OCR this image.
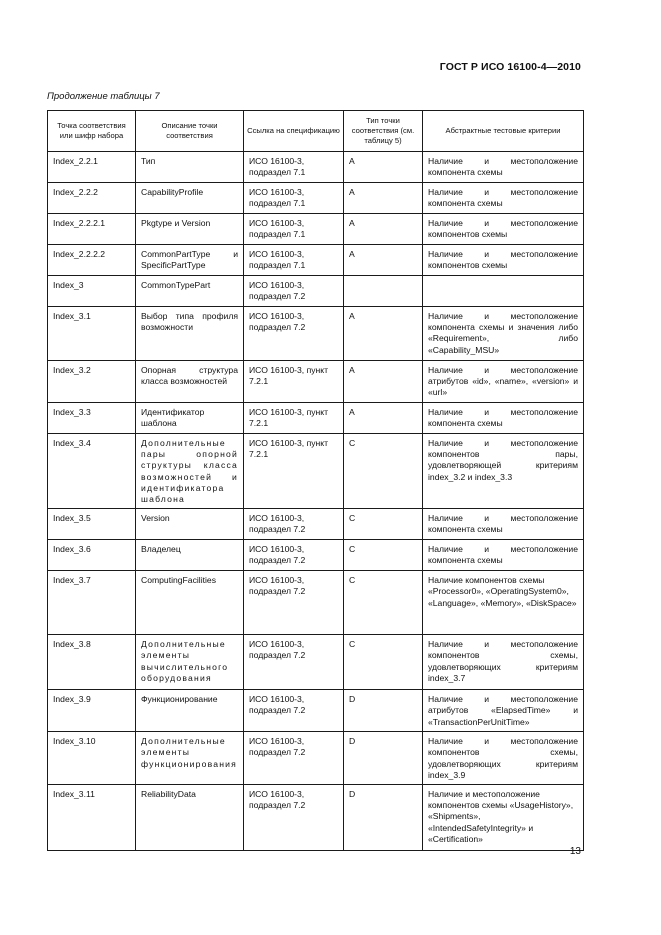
ГОСТ Р ИСО 16100-4—2010
Продолжение таблицы 7
Точка соответствия или шифр набора	Описание точки соответствия	Ссылка на спецификацию	Тип точки соответствия (см. таблицу 5)	Абстрактные тестовые критерии
Index_2.2.1	Тип	ИСО 16100-3, подраздел 7.1	A	Наличие и местоположение компонента схемы
Index_2.2.2	CapabilityProfile	ИСО 16100-3, подраздел 7.1	A	Наличие и местоположение компонента схемы
Index_2.2.2.1	Pkgtype и Version	ИСО 16100-3, подраздел 7.1	A	Наличие и местоположение компонентов схемы
Index_2.2.2.2	CommonPartType и SpecificPartType	ИСО 16100-3, подраздел 7.1	A	Наличие и местоположение компонентов схемы
Index_3	CommonTypePart	ИСО 16100-3, подраздел 7.2		
Index_3.1	Выбор типа профиля возможности	ИСО 16100-3, подраздел 7.2	A	Наличие и местоположение компонента схемы и значения либо «Requirement», либо «Capability_MSU»
Index_3.2	Опорная структура класса возможностей	ИСО 16100-3, пункт 7.2.1	A	Наличие и местоположение атрибутов «id», «name», «version» и «url»
Index_3.3	Идентификатор шаблона	ИСО 16100-3, пункт 7.2.1	A	Наличие и местоположение компонента схемы
Index_3.4	Дополнительные пары опорной структуры класса возможностей и идентификатора шаблона	ИСО 16100-3, пункт 7.2.1	C	Наличие и местоположение компонентов пары, удовлетворяющей критериям index_3.2 и index_3.3
Index_3.5	Version	ИСО 16100-3, подраздел 7.2	C	Наличие и местоположение компонента схемы
Index_3.6	Владелец	ИСО 16100-3, подраздел 7.2	C	Наличие и местоположение компонента схемы
Index_3.7	ComputingFacilities	ИСО 16100-3, подраздел 7.2	C	Наличие компонентов схемы «Processor0», «OperatingSystem0», «Language», «Memory», «DiskSpace»
Index_3.8	Дополнительные элементы вычислительного оборудования	ИСО 16100-3, подраздел 7.2	C	Наличие и местоположение компонентов схемы, удовлетворяющих критериям index_3.7
Index_3.9	Функционирование	ИСО 16100-3, подраздел 7.2	D	Наличие и местоположение атрибутов «ElapsedTime» и «TransactionPerUnitTime»
Index_3.10	Дополнительные элементы функционирования	ИСО 16100-3, подраздел 7.2	D	Наличие и местоположение компонентов схемы, удовлетворяющих критериям index_3.9
Index_3.11	ReliabilityData	ИСО 16100-3, подраздел 7.2	D	Наличие и местоположение компонентов схемы «UsageHistory», «Shipments», «IntendedSafetyIntegrity» и «Certification»
13
